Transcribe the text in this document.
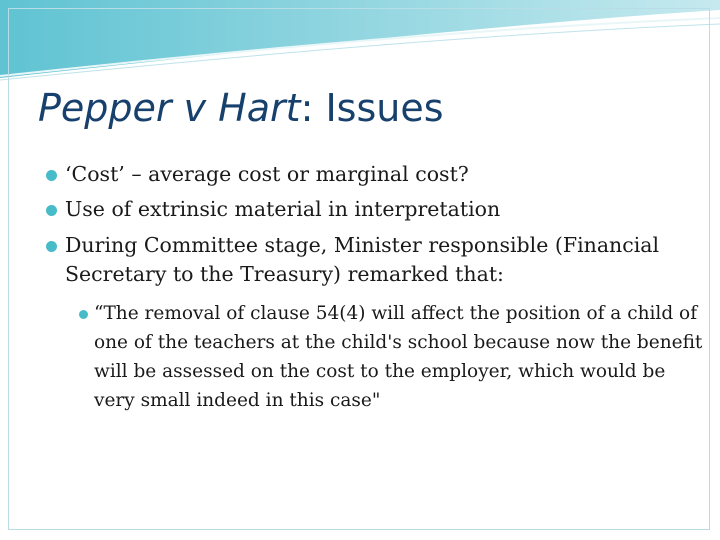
Pepper v Hart: Issues
‘Cost’ – average cost or marginal cost?
Use of extrinsic material in interpretation
During Committee stage, Minister responsible (Financial Secretary to the Treasury) remarked that:
“The removal of clause 54(4) will affect the position of a child of one of the teachers at the child's school because now the benefit will be assessed on the cost to the employer, which would be very small indeed in this case"
